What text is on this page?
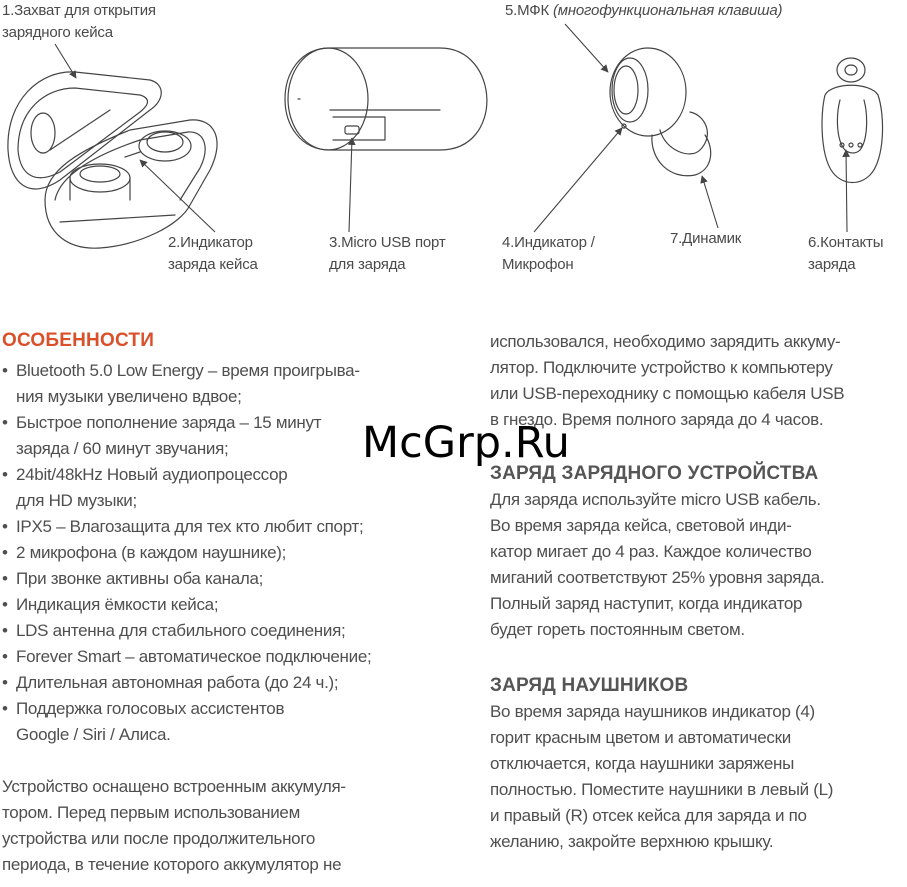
1.Захват для открытия
зарядного кейса
2.Индикатор
заряда кейса
3.Micro USB порт
для заряда
4.Индикатор /
Микрофон
5.МФК (многофункциональная клавиша)
6.Контакты
заряда
7.Динамик
ОСОБЕННОСТИ
• Bluetooth 5.0 Low Energy – время проигрыва-
ния музыки увеличено вдвое;
• Быстрое пополнение заряда – 15 минут
заряда / 60 минут звучания;
• 24bit/48kHz Новый аудиопроцессор
для HD музыки;
• IPX5 – Влагозащита для тех кто любит спорт;
• 2 микрофона (в каждом наушнике);
• При звонке активны оба канала;
• Индикация ёмкости кейса;
• LDS антенна для стабильного соединения;
• Forever Smart – автоматическое подключение;
• Длительная автономная работа (до 24 ч.);
• Поддержка голосовых ассистентов
Google / Siri / Алиса.

Устройство оснащено встроенным аккумуля-
тором. Перед первым использованием
устройства или после продолжительного
периода, в течение которого аккумулятор не

использовался, необходимо зарядить аккуму-
лятор. Подключите устройство к компьютеру
или USB-переходнику с помощью кабеля USB
в гнездо. Время полного заряда до 4 часов.

ЗАРЯД ЗАРЯДНОГО УСТРОЙСТВА

Для заряда используйте micro USB кабель.
Во время заряда кейса, световой инди-
катор мигает до 4 раз. Каждое количество
миганий соответствуют 25% уровня заряда.
Полный заряд наступит, когда индикатор
будет гореть постоянным светом.

ЗАРЯД НАУШНИКОВ

Во время заряда наушников индикатор (4)
горит красным цветом и автоматически
отключается, когда наушники заряжены
полностью. Поместите наушники в левый (L)
и правый (R) отсек кейса для заряда и по
желанию, закройте верхнюю крышку.

McGrp.Ru
